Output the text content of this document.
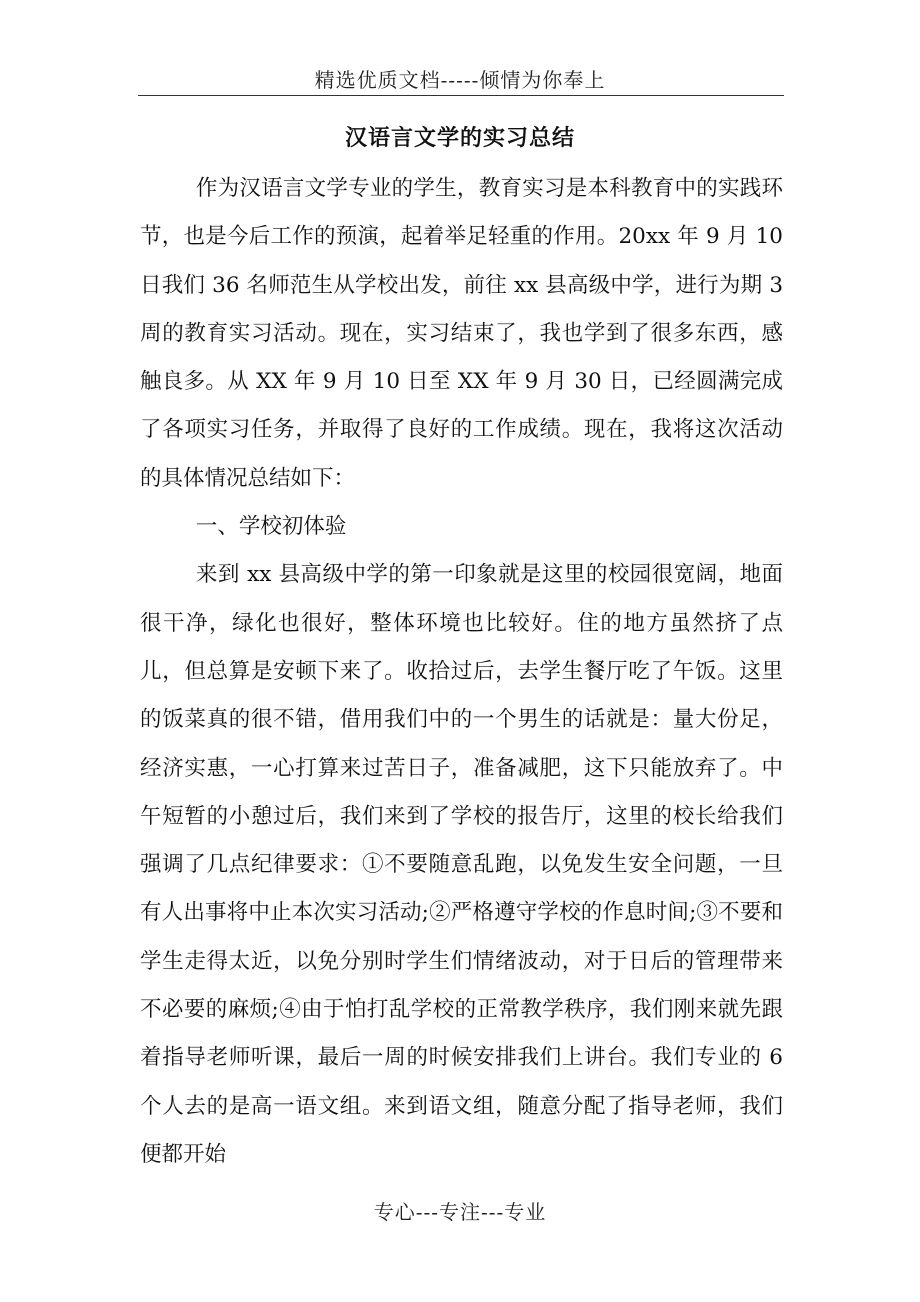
精选优质文档-----倾情为你奉上
汉语言文学的实习总结

作为汉语言文学专业的学生，教育实习是本科教育中的实践环节，也是今后工作的预演，起着举足轻重的作用。20xx 年 9 月 10 日我们 36 名师范生从学校出发，前往 xx 县高级中学，进行为期 3 周的教育实习活动。现在，实习结束了，我也学到了很多东西，感触良多。从 XX 年 9 月 10 日至 XX 年 9 月 30 日，已经圆满完成了各项实习任务，并取得了良好的工作成绩。现在，我将这次活动的具体情况总结如下：

一、学校初体验

来到 xx 县高级中学的第一印象就是这里的校园很宽阔，地面很干净，绿化也很好，整体环境也比较好。住的地方虽然挤了点儿，但总算是安顿下来了。收拾过后，去学生餐厅吃了午饭。这里的饭菜真的很不错，借用我们中的一个男生的话就是：量大份足，经济实惠，一心打算来过苦日子，准备减肥，这下只能放弃了。中午短暂的小憩过后，我们来到了学校的报告厅，这里的校长给我们强调了几点纪律要求：①不要随意乱跑，以免发生安全问题，一旦有人出事将中止本次实习活动;②严格遵守学校的作息时间;③不要和学生走得太近，以免分别时学生们情绪波动，对于日后的管理带来不必要的麻烦;④由于怕打乱学校的正常教学秩序，我们刚来就先跟着指导老师听课，最后一周的时候安排我们上讲台。我们专业的 6 个人去的是高一语文组。来到语文组，随意分配了指导老师，我们便都开始

专心---专注---专业
